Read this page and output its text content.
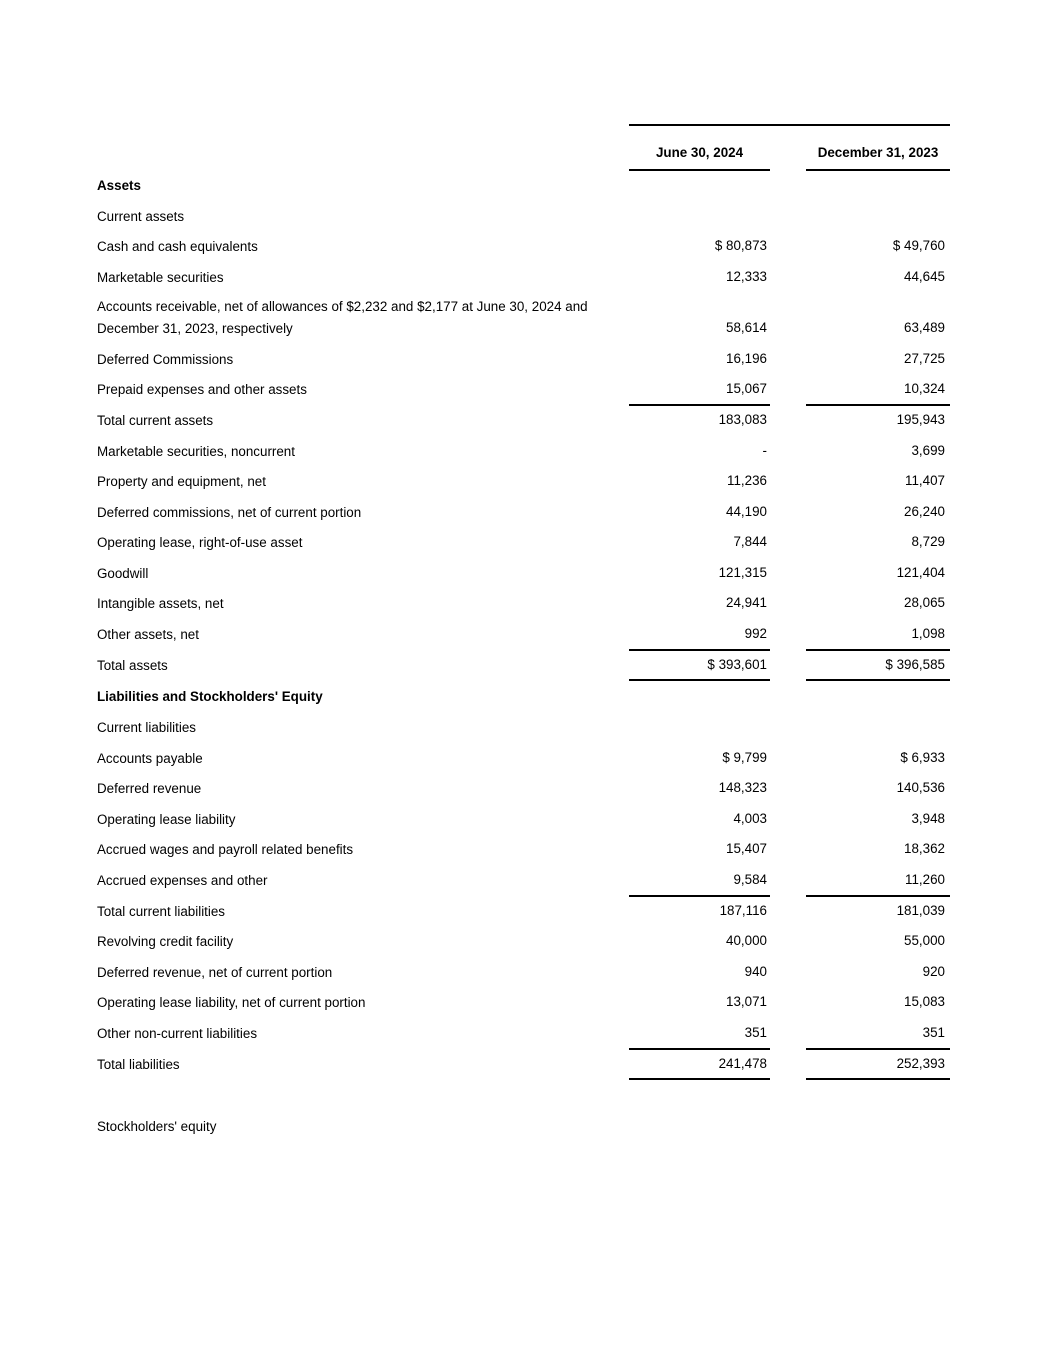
June 30, 2024	December 31, 2023
Assets
Current assets
Cash and cash equivalents	$ 80,873	$ 49,760
Marketable securities	12,333	44,645
Accounts receivable, net of allowances of $2,232 and $2,177 at June 30, 2024 and
December 31, 2023, respectively	58,614	63,489
Deferred Commissions	16,196	27,725
Prepaid expenses and other assets	15,067	10,324
Total current assets	183,083	195,943
Marketable securities, noncurrent	-	3,699
Property and equipment, net	11,236	11,407
Deferred commissions, net of current portion	44,190	26,240
Operating lease, right-of-use asset	7,844	8,729
Goodwill	121,315	121,404
Intangible assets, net	24,941	28,065
Other assets, net	992	1,098
Total assets	$ 393,601	$ 396,585
Liabilities and Stockholders' Equity
Current liabilities
Accounts payable	$ 9,799	$ 6,933
Deferred revenue	148,323	140,536
Operating lease liability	4,003	3,948
Accrued wages and payroll related benefits	15,407	18,362
Accrued expenses and other	9,584	11,260
Total current liabilities	187,116	181,039
Revolving credit facility	40,000	55,000
Deferred revenue, net of current portion	940	920
Operating lease liability, net of current portion	13,071	15,083
Other non-current liabilities	351	351
Total liabilities	241,478	252,393
Stockholders' equity
